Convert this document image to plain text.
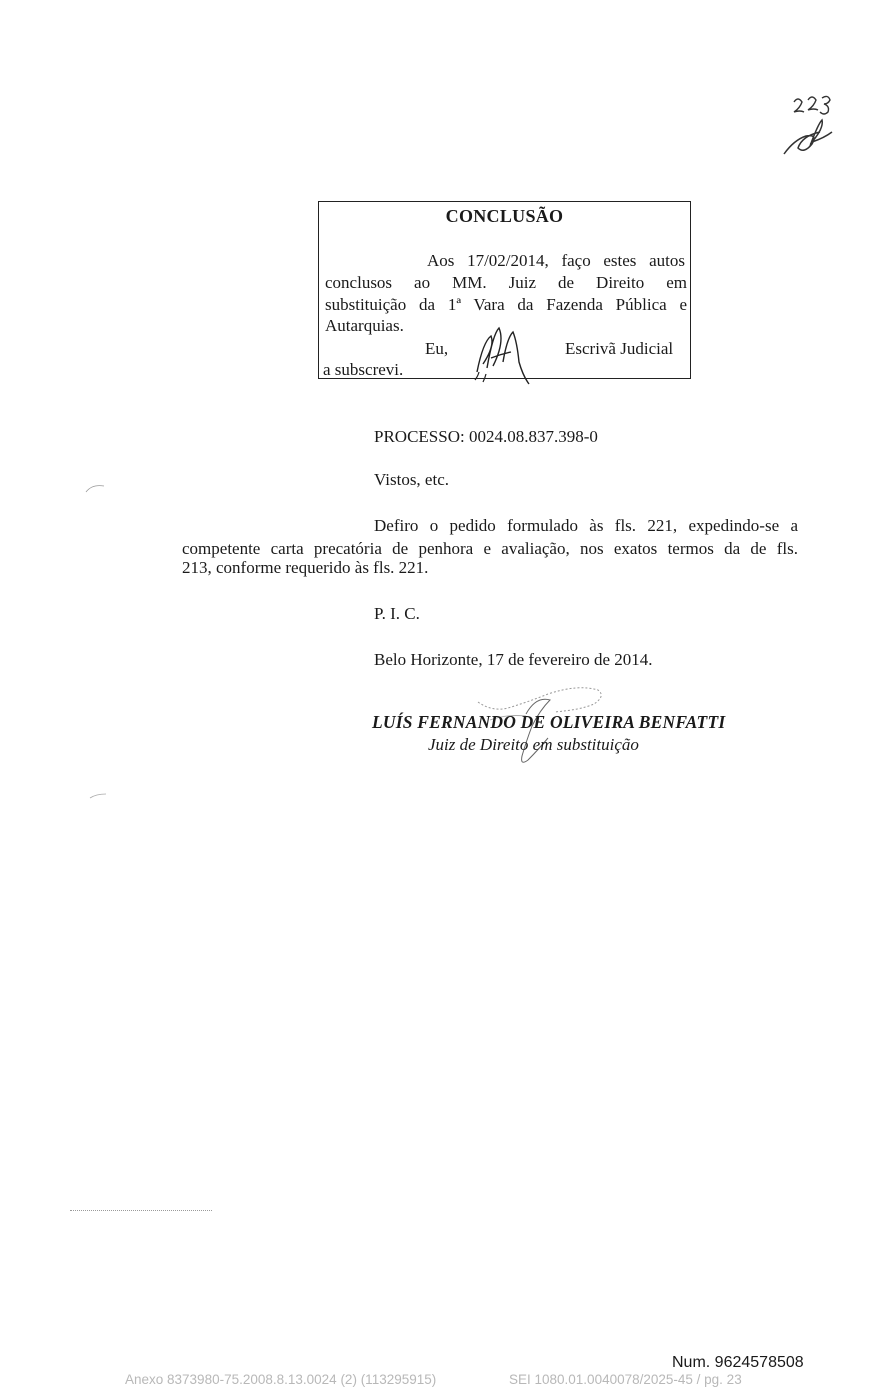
CONCLUSÃO
Aos 17/02/2014, faço estes autos
conclusos ao MM. Juiz de Direito em
substituição da 1ª Vara da Fazenda Pública e
Autarquias.
Eu,	Escrivã Judicial
a subscrevi.
PROCESSO: 0024.08.837.398-0
Vistos, etc.
Defiro o pedido formulado às fls. 221, expedindo-se a
competente carta precatória de penhora e avaliação, nos exatos termos da de fls.
213, conforme requerido às fls. 221.
P. I. C.
Belo Horizonte, 17 de fevereiro de 2014.
LUÍS FERNANDO DE OLIVEIRA BENFATTI
Juiz de Direito em substituição
Num. 9624578508
Anexo 8373980-75.2008.8.13.0024 (2) (113295915)	SEI 1080.01.0040078/2025-45 / pg. 23
